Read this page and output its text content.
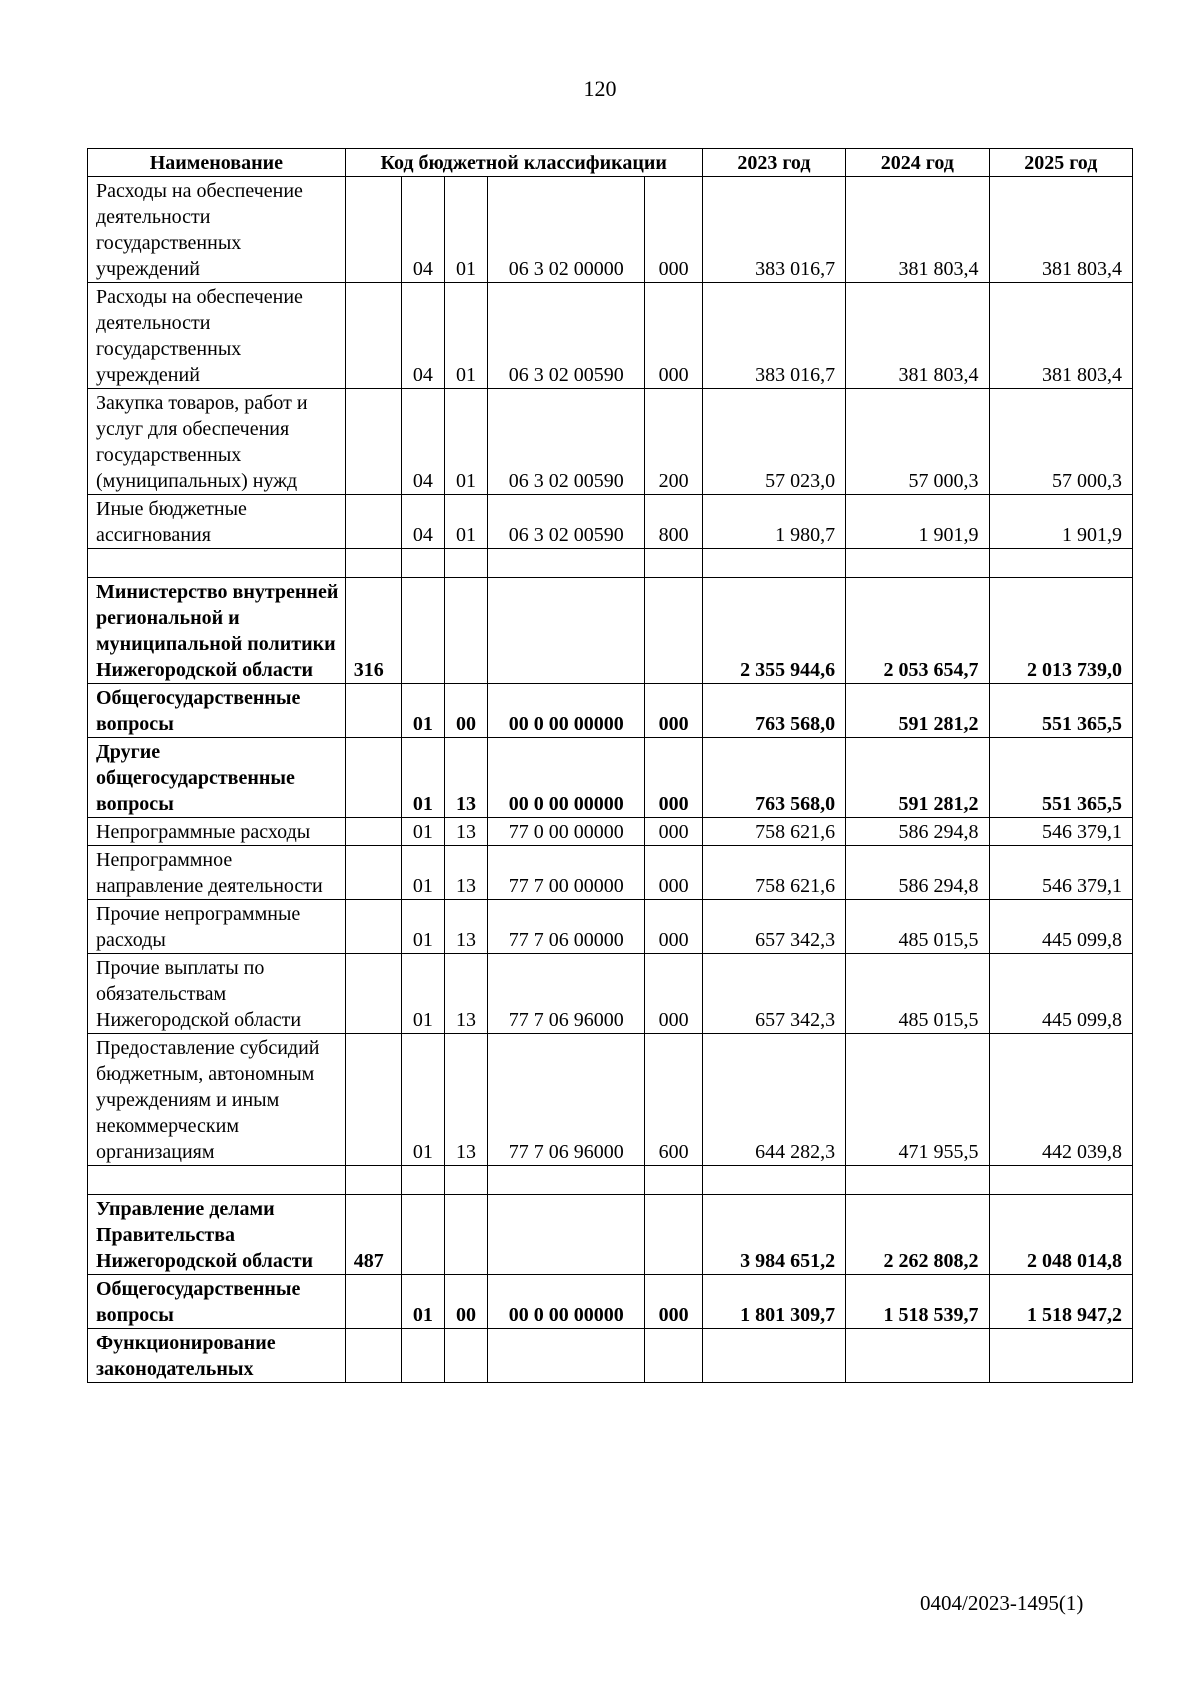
120
Наименование	Код бюджетной классификации					2023 год	2024 год	2025 год
Расходы на обеспечение деятельности государственных учреждений		04	01	06 3 02 00000	000	383 016,7	381 803,4	381 803,4
Расходы на обеспечение деятельности государственных учреждений		04	01	06 3 02 00590	000	383 016,7	381 803,4	381 803,4
Закупка товаров, работ и услуг для обеспечения государственных (муниципальных) нужд		04	01	06 3 02 00590	200	57 023,0	57 000,3	57 000,3
Иные бюджетные ассигнования		04	01	06 3 02 00590	800	1 980,7	1 901,9	1 901,9

Министерство внутренней региональной и муниципальной политики Нижегородской области	316					2 355 944,6	2 053 654,7	2 013 739,0
Общегосударственные вопросы		01	00	00 0 00 00000	000	763 568,0	591 281,2	551 365,5
Другие общегосударственные вопросы		01	13	00 0 00 00000	000	763 568,0	591 281,2	551 365,5
Непрограммные расходы		01	13	77 0 00 00000	000	758 621,6	586 294,8	546 379,1
Непрограммное направление деятельности		01	13	77 7 00 00000	000	758 621,6	586 294,8	546 379,1
Прочие непрограммные расходы		01	13	77 7 06 00000	000	657 342,3	485 015,5	445 099,8
Прочие выплаты по обязательствам Нижегородской области		01	13	77 7 06 96000	000	657 342,3	485 015,5	445 099,8
Предоставление субсидий бюджетным, автономным учреждениям и иным некоммерческим организациям		01	13	77 7 06 96000	600	644 282,3	471 955,5	442 039,8

Управление делами Правительства Нижегородской области	487					3 984 651,2	2 262 808,2	2 048 014,8
Общегосударственные вопросы		01	00	00 0 00 00000	000	1 801 309,7	1 518 539,7	1 518 947,2
Функционирование законодательных								
0404/2023-1495(1)
